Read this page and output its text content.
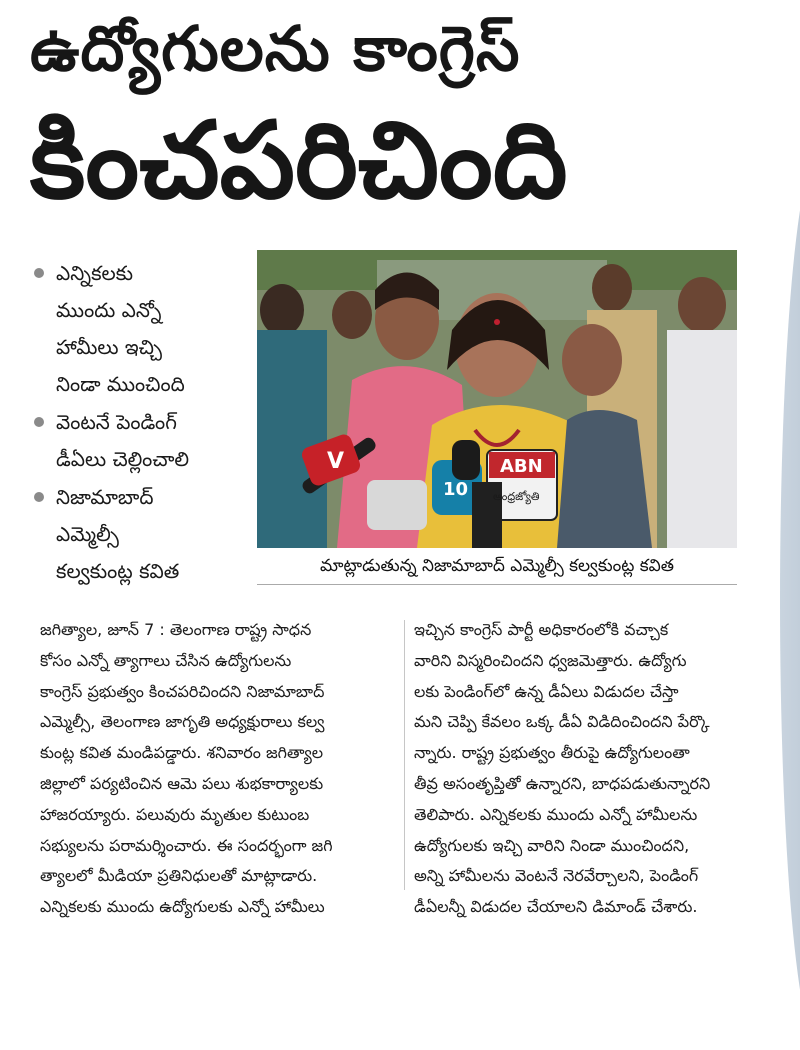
ఉద్యోగులను కాంగ్రెస్
కించపరిచింది
ఎన్నికలకు
ముందు ఎన్నో
హామీలు ఇచ్చి
నిండా ముంచింది
వెంటనే పెండింగ్
డీఏలు చెల్లించాలి
నిజామాబాద్
ఎమ్మెల్సీ
కల్వకుంట్ల కవిత
V
10
ABN
ఆంధ్రజ్యోతి
మాట్లాడుతున్న నిజామాబాద్ ఎమ్మెల్సీ కల్వకుంట్ల కవిత
జగిత్యాల, జూన్ 7 : తెలంగాణ రాష్ట్ర సాధన
కోసం ఎన్నో త్యాగాలు చేసిన ఉద్యోగులను
కాంగ్రెస్ ప్రభుత్వం కించపరిచిందని నిజామాబాద్
ఎమ్మెల్సీ, తెలంగాణ జాగృతి అధ్యక్షురాలు కల్వ
కుంట్ల కవిత మండిపడ్డారు. శనివారం జగిత్యాల
జిల్లాలో పర్యటించిన ఆమె పలు శుభకార్యాలకు
హాజరయ్యారు. పలువురు మృతుల కుటుంబ
సభ్యులను పరామర్శించారు. ఈ సందర్భంగా జగి
త్యాలలో మీడియా ప్రతినిధులతో మాట్లాడారు.
ఎన్నికలకు ముందు ఉద్యోగులకు ఎన్నో హామీలు
ఇచ్చిన కాంగ్రెస్ పార్టీ అధికారంలోకి వచ్చాక
వారిని విస్మరించిందని ధ్వజమెత్తారు. ఉద్యోగు
లకు పెండింగ్‌లో ఉన్న డీఏలు విడుదల చేస్తా
మని చెప్పి కేవలం ఒక్క డీఏ విడిదించిందని పేర్కొ
న్నారు. రాష్ట్ర ప్రభుత్వం తీరుపై ఉద్యోగులంతా
తీవ్ర అసంతృప్తితో ఉన్నారని, బాధపడుతున్నారని
తెలిపారు. ఎన్నికలకు ముందు ఎన్నో హామీలను
ఉద్యోగులకు ఇచ్చి వారిని నిండా ముంచిందని,
అన్ని హామీలను వెంటనే నెరవేర్చాలని, పెండింగ్
డీఏలన్నీ విడుదల చేయాలని డిమాండ్ చేశారు.
